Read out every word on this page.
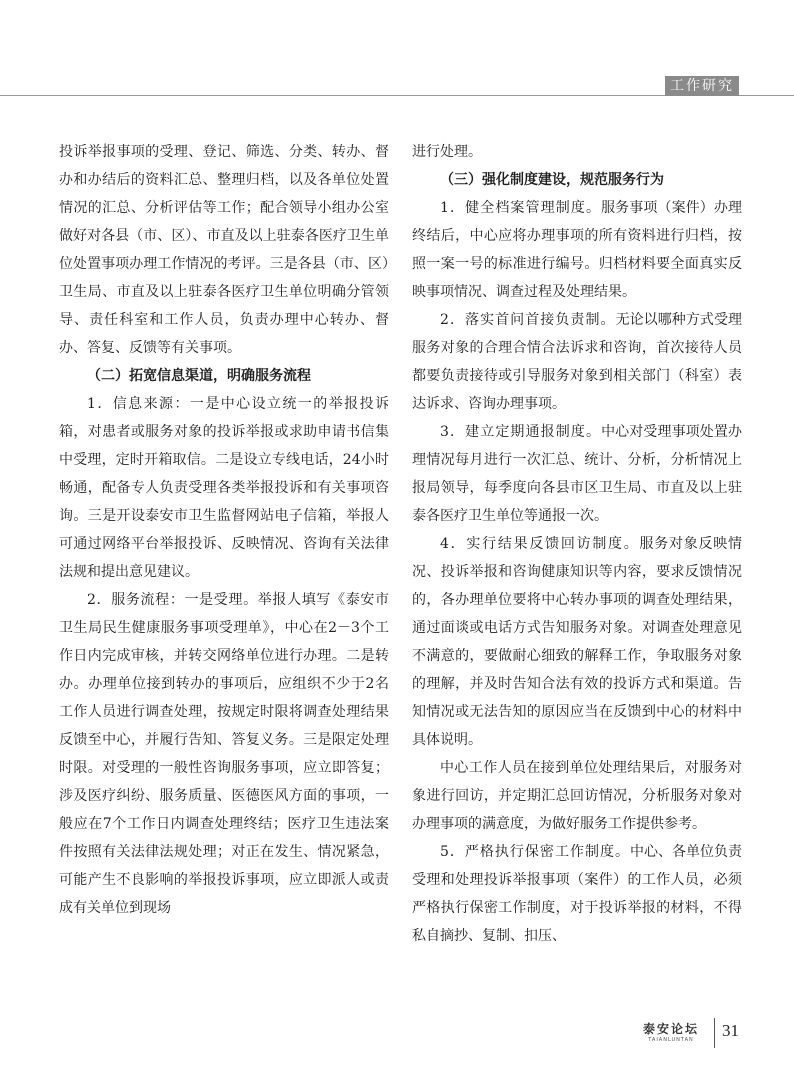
工作研究

投诉举报事项的受理、登记、筛选、分类、转办、督办和办结后的资料汇总、整理归档，以及各单位处置情况的汇总、分析评估等工作；配合领导小组办公室做好对各县（市、区）、市直及以上驻泰各医疗卫生单位处置事项办理工作情况的考评。三是各县（市、区）卫生局、市直及以上驻泰各医疗卫生单位明确分管领导、责任科室和工作人员，负责办理中心转办、督办、答复、反馈等有关事项。

（二）拓宽信息渠道，明确服务流程

1．信息来源：一是中心设立统一的举报投诉箱，对患者或服务对象的投诉举报或求助申请书信集中受理，定时开箱取信。二是设立专线电话，24小时畅通，配备专人负责受理各类举报投诉和有关事项咨询。三是开设泰安市卫生监督网站电子信箱，举报人可通过网络平台举报投诉、反映情况、咨询有关法律法规和提出意见建议。

2．服务流程：一是受理。举报人填写《泰安市卫生局民生健康服务事项受理单》，中心在2－3个工作日内完成审核，并转交网络单位进行办理。二是转办。办理单位接到转办的事项后，应组织不少于2名工作人员进行调查处理，按规定时限将调查处理结果反馈至中心，并履行告知、答复义务。三是限定处理时限。对受理的一般性咨询服务事项，应立即答复；涉及医疗纠纷、服务质量、医德医风方面的事项，一般应在7个工作日内调查处理终结；医疗卫生违法案件按照有关法律法规处理；对正在发生、情况紧急，可能产生不良影响的举报投诉事项，应立即派人或责成有关单位到现场

进行处理。

（三）强化制度建设，规范服务行为

1．健全档案管理制度。服务事项（案件）办理终结后，中心应将办理事项的所有资料进行归档，按照一案一号的标准进行编号。归档材料要全面真实反映事项情况、调查过程及处理结果。

2．落实首问首接负责制。无论以哪种方式受理服务对象的合理合情合法诉求和咨询，首次接待人员都要负责接待或引导服务对象到相关部门（科室）表达诉求、咨询办理事项。

3．建立定期通报制度。中心对受理事项处置办理情况每月进行一次汇总、统计、分析，分析情况上报局领导，每季度向各县市区卫生局、市直及以上驻泰各医疗卫生单位等通报一次。

4．实行结果反馈回访制度。服务对象反映情况、投诉举报和咨询健康知识等内容，要求反馈情况的，各办理单位要将中心转办事项的调查处理结果，通过面谈或电话方式告知服务对象。对调查处理意见不满意的，要做耐心细致的解释工作，争取服务对象的理解，并及时告知合法有效的投诉方式和渠道。告知情况或无法告知的原因应当在反馈到中心的材料中具体说明。

中心工作人员在接到单位处理结果后，对服务对象进行回访，并定期汇总回访情况，分析服务对象对办理事项的满意度，为做好服务工作提供参考。

5．严格执行保密工作制度。中心、各单位负责受理和处理投诉举报事项（案件）的工作人员，必须严格执行保密工作制度，对于投诉举报的材料，不得私自摘抄、复制、扣压、

泰安论坛
TAIANLUNTAN	31
